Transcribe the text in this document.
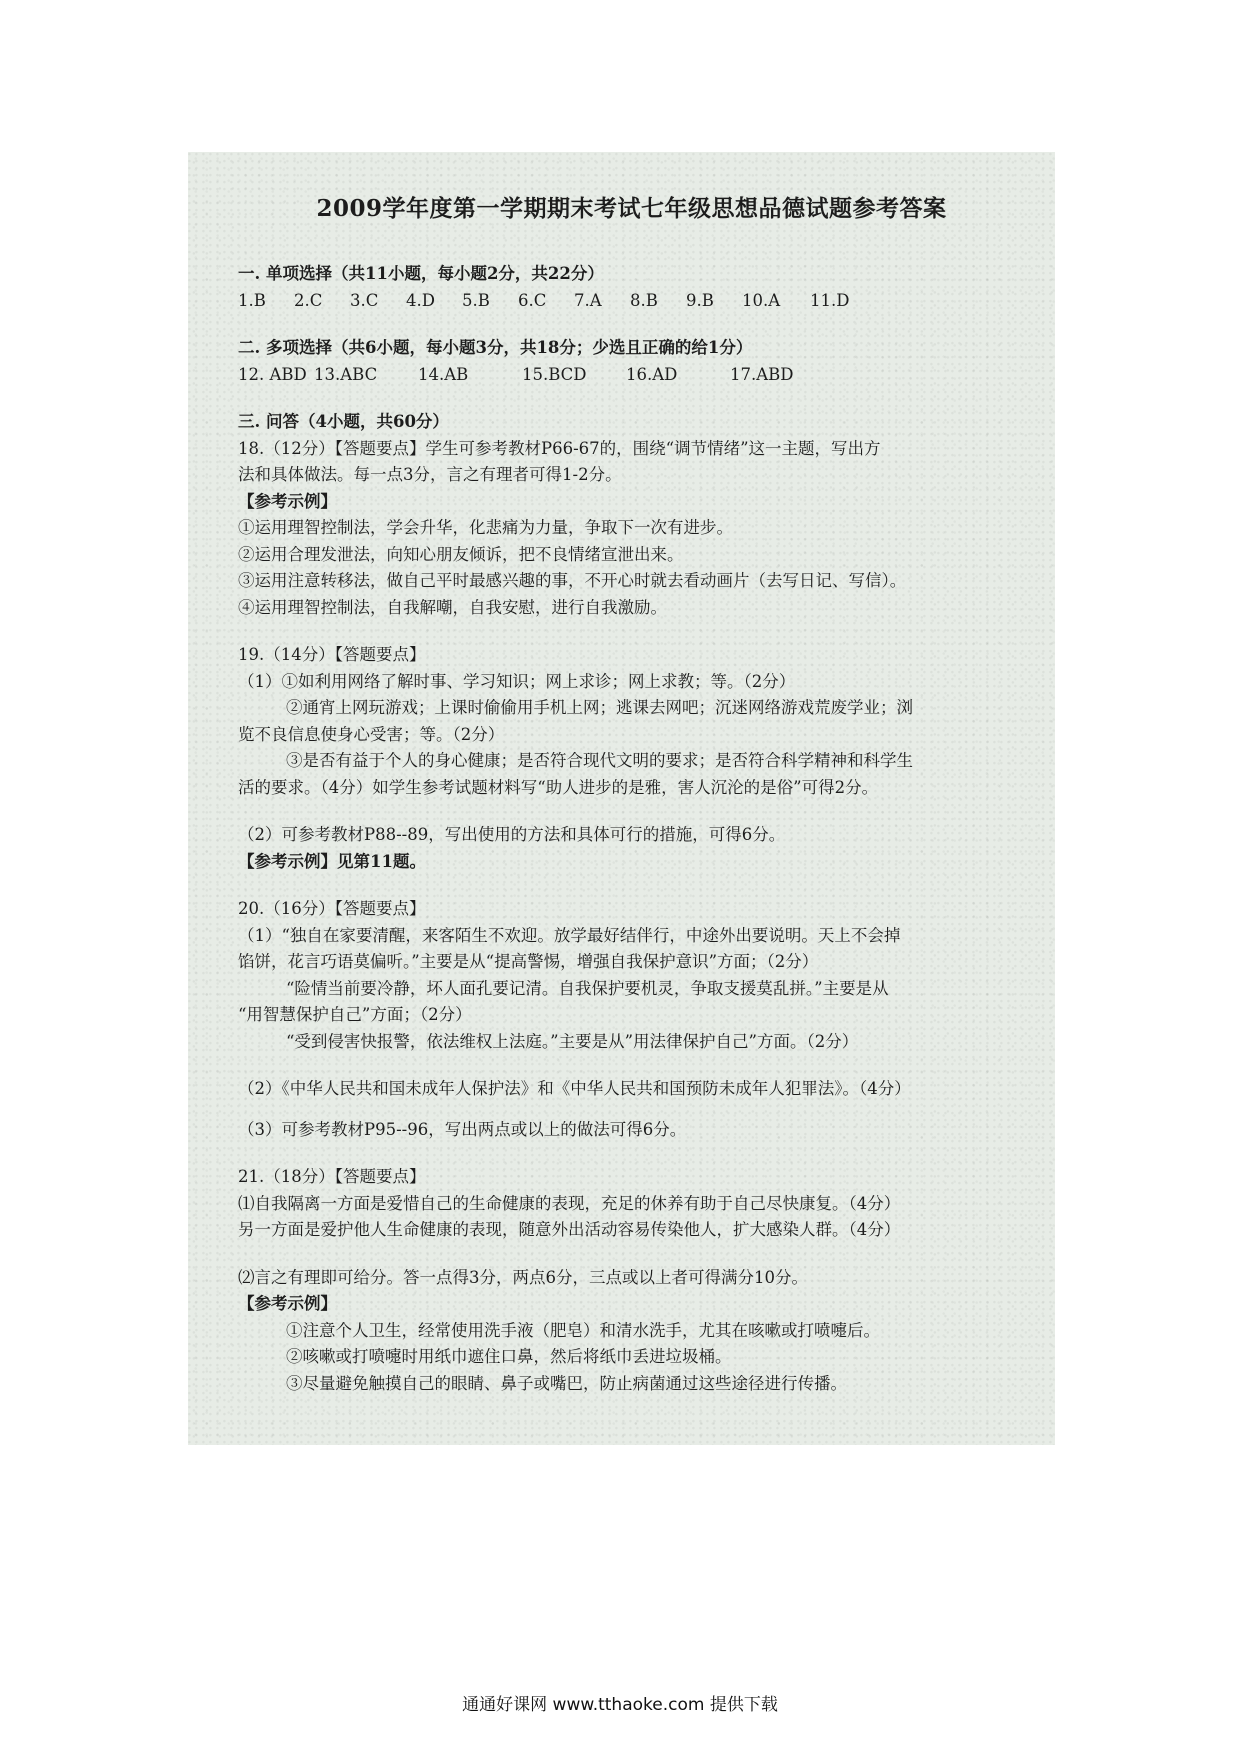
2009学年度第一学期期末考试七年级思想品德试题参考答案
一. 单项选择（共11小题，每小题2分，共22分）
1.B	2.C	3.C	4.D	5.B	6.C	7.A	8.B	9.B	10.A	11.D
二. 多项选择（共6小题，每小题3分，共18分；少选且正确的给1分）
12. ABD 13.ABC	14.AB	15.BCD	16.AD	17.ABD
三. 问答（4小题，共60分）
18.（12分）【答题要点】学生可参考教材P66-67的，围绕“调节情绪”这一主题，写出方
法和具体做法。每一点3分，言之有理者可得1-2分。
【参考示例】
①运用理智控制法，学会升华，化悲痛为力量，争取下一次有进步。
②运用合理发泄法，向知心朋友倾诉，把不良情绪宣泄出来。
③运用注意转移法，做自己平时最感兴趣的事，不开心时就去看动画片（去写日记、写信）。
④运用理智控制法，自我解嘲，自我安慰，进行自我激励。
19.（14分）【答题要点】
（1）①如利用网络了解时事、学习知识；网上求诊；网上求教；等。（2分）
②通宵上网玩游戏；上课时偷偷用手机上网；逃课去网吧；沉迷网络游戏荒废学业；浏
览不良信息使身心受害；等。（2分）
③是否有益于个人的身心健康；是否符合现代文明的要求；是否符合科学精神和科学生
活的要求。（4分）如学生参考试题材料写“助人进步的是雅，害人沉沦的是俗”可得2分。
（2）可参考教材P88--89，写出使用的方法和具体可行的措施，可得6分。
【参考示例】见第11题。
20.（16分）【答题要点】
（1）“独自在家要清醒，来客陌生不欢迎。放学最好结伴行，中途外出要说明。天上不会掉
馅饼，花言巧语莫偏听。”主要是从“提高警惕，增强自我保护意识”方面；（2分）
“险情当前要冷静，坏人面孔要记清。自我保护要机灵，争取支援莫乱拼。”主要是从
“用智慧保护自己”方面；（2分）
“受到侵害快报警，依法维权上法庭。”主要是从”用法律保护自己”方面。（2分）
（2）《中华人民共和国未成年人保护法》和《中华人民共和国预防未成年人犯罪法》。（4分）
（3）可参考教材P95--96，写出两点或以上的做法可得6分。
21.（18分）【答题要点】
⑴自我隔离一方面是爱惜自己的生命健康的表现，充足的休养有助于自己尽快康复。（4分）
另一方面是爱护他人生命健康的表现，随意外出活动容易传染他人，扩大感染人群。（4分）
⑵言之有理即可给分。答一点得3分，两点6分，三点或以上者可得满分10分。
【参考示例】
①注意个人卫生，经常使用洗手液（肥皂）和清水洗手，尤其在咳嗽或打喷嚏后。
②咳嗽或打喷嚏时用纸巾遮住口鼻，然后将纸巾丢进垃圾桶。
③尽量避免触摸自己的眼睛、鼻子或嘴巴，防止病菌通过这些途径进行传播。
通通好课网 www.tthaoke.com 提供下载
